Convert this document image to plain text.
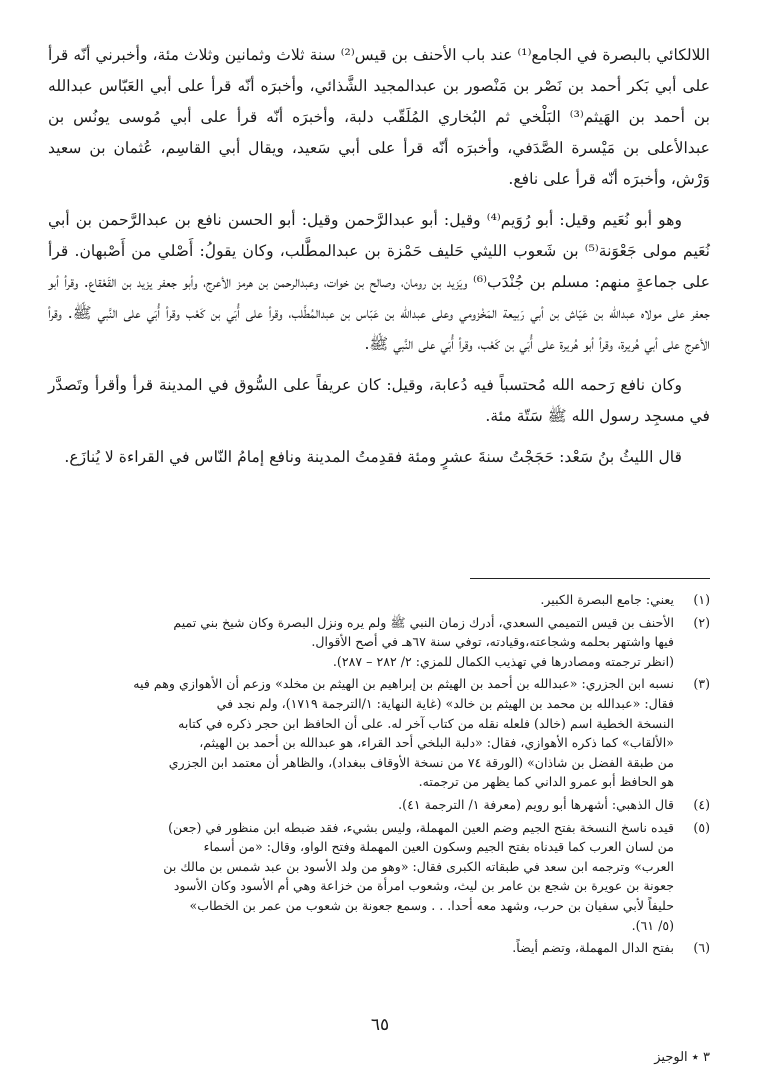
اللالكائي بالبصرة في الجامع⁽¹⁾ عند باب الأحنف بن قيس⁽²⁾ سنة ثلاث وثمانين وثلاث مئة، وأخبرني أنّه قرأ على أبي بَكر أحمد بن نَصْر بن مَنْصور بن عبدالمجيد الشَّذائي، وأخبرَه أنّه قرأ على أبي العَبّاس عبدالله بن أحمد بن الهَيثم⁽³⁾ البَلْخي ثم البُخاري المُلَقّب دلبة، وأخبرَه أنّه قرأ على أبي مُوسى يونُس بن عبدالأعلى بن مَيْسرة الصَّدَفي، وأخبرَه أنّه قرأ على أبي سَعيد، ويقال أبي القاسِم، عُثمان بن سعيد وَرْش، وأخبرَه أنّه قرأ على نافع.

وهو أبو نُعَيم وقيل: أبو رُوَيم⁽⁴⁾ وقيل: أبو عبدالرَّحمن وقيل: أبو الحسن نافع بن عبدالرَّحمن بن أبي نُعَيم مولى جَعْوَنة⁽⁵⁾ بن شَعوب الليثي حَليف حَمْزة بن عبدالمطَّلب، وكان يقولُ: أَصْلي من أَصْبهان. قرأ على جماعةٍ منهم: مسلم بن جُنْدَب⁽⁶⁾ ويَزيد بن رومان، وصالح بن خوات، وعبدالرحمن بن هرمز الأعرج، وأبو جعفر يزيد بن القَعْقاع. وقرأ أبو جعفر على مولاه عبدالله بن عَيّاش بن أبي رَبيعة المَخْزومي وعلى عبدالله بن عَبّاس بن عبدالمُطَّلب، وقرأ على أُبَي بن كَعْب وقرأ أُبَي على النَّبي ﷺ. وقرأ الأعرج على أبي هُريرة، وقرأ أبو هُريرة على أُبَي بن كَعْب، وقرأ أُبَي على النَّبي ﷺ.

وكان نافع رَحمه الله مُحتسباً فيه دُعابة، وقيل: كان عريفاً على السُّوق في المدينة قرأ وأقرأ وتَصدَّر في مسجِد رسول الله ﷺ سَتّة مئة.

قال الليثُ بنُ سَعْد: حَجَجْتُ سنةَ عشرٍ ومئة فقدِمتُ المدينة ونافع إمامُ النّاس في القراءة لا يُنازَع.

(١)
يعني: جامع البصرة الكبير.
(٢)
الأحنف بن قيس التميمي السعدي، أدرك زمان النبي ﷺ ولم يره ونزل البصرة وكان شيخ بني تميم
فيها واشتهر بحلمه وشجاعته،وقيادته، توفي سنة ٦٧هـ في أصح الأقوال.
(انظر ترجمته ومصادرها في تهذيب الكمال للمزي: ٢/ ٢٨٢ – ٢٨٧).
(٣)
نسبه ابن الجزري: «عبدالله بن أحمد بن الهيثم بن إبراهيم بن الهيثم بن مخلد» وزعم أن الأهوازي وهم فيه
فقال: «عبدالله بن محمد بن الهيثم بن خالد» (غاية النهاية: ١/الترجمة ١٧١٩)، ولم نجد في
النسخة الخطية اسم (خالد) فلعله نقله من كتاب آخر له. على أن الحافظ ابن حجر ذكره في كتابه
«الألقاب» كما ذكره الأهوازي، فقال: «دلبة البلخي أحد القراء، هو عبدالله بن أحمد بن الهيثم،
من طبقة الفضل بن شاذان» (الورقة ٧٤ من نسخة الأوقاف ببغداد)، والظاهر أن معتمد ابن الجزري
هو الحافظ أبو عمرو الداني كما يظهر من ترجمته.
(٤)
قال الذهبي: أشهرها أبو رويم (معرفة ١/ الترجمة ٤١).
(٥)
قيده ناسخ النسخة بفتح الجيم وضم العين المهملة، وليس بشيء، فقد ضبطه ابن منظور في (جعن)
من لسان العرب كما قيدناه بفتح الجيم وسكون العين المهملة وفتح الواو، وقال: «من أسماء
العرب» وترجمه ابن سعد في طبقاته الكبرى فقال: «وهو من ولد الأسود بن عبد شمس بن مالك بن
جعونة بن عويرة بن شجع بن عامر بن ليث، وشعوب امرأة من خزاعة وهي أم الأسود وكان الأسود
حليفاً لأبي سفيان بن حرب، وشهد معه أحدا. . . وسمع جعونة بن شعوب من عمر بن الخطاب»
(٥/ ٦١).
(٦)
بفتح الدال المهملة، وتضم أيضاً.
٦٥
٣ ٭ الوجيز
